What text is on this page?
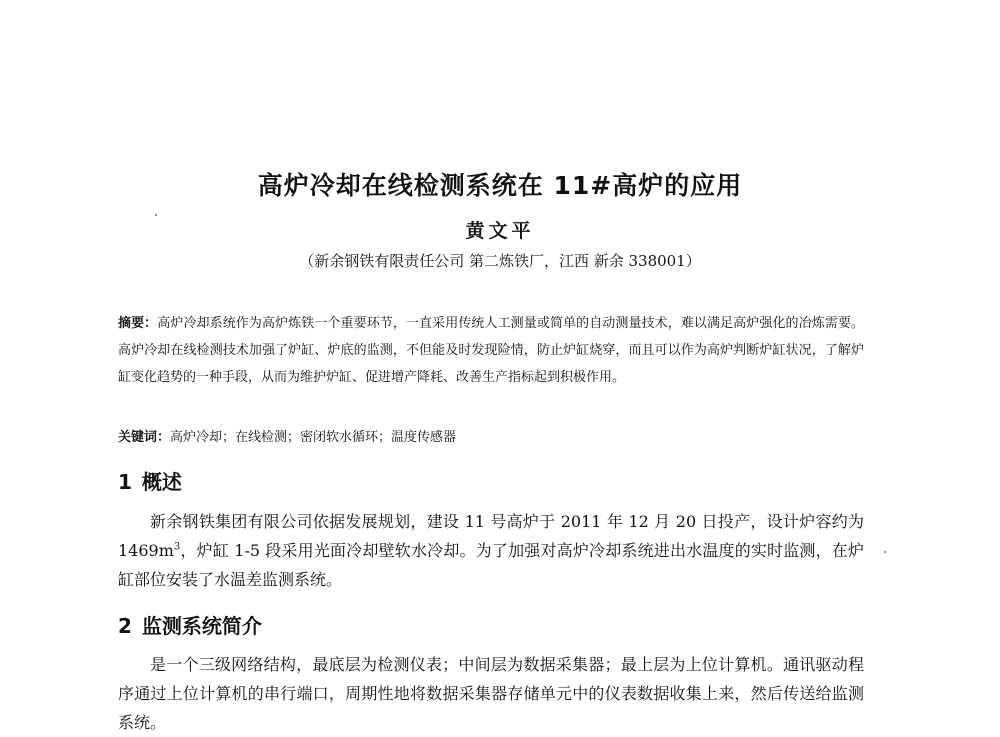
高炉冷却在线检测系统在 11#高炉的应用
黄文平
（新余钢铁有限责任公司 第二炼铁厂，江西 新余 338001）

摘要：高炉冷却系统作为高炉炼铁一个重要环节，一直采用传统人工测量或简单的自动测量技术，难以满足高炉强化的冶炼需要。高炉冷却在线检测技术加强了炉缸、炉底的监测，不但能及时发现险情，防止炉缸烧穿，而且可以作为高炉判断炉缸状况，了解炉缸变化趋势的一种手段，从而为维护炉缸、促进增产降耗、改善生产指标起到积极作用。

关键词：高炉冷却；在线检测；密闭软水循环；温度传感器

1 概述

新余钢铁集团有限公司依据发展规划，建设 11 号高炉于 2011 年 12 月 20 日投产，设计炉容约为 $1469m^3$，炉缸 1-5 段采用光面冷却壁软水冷却。为了加强对高炉冷却系统进出水温度的实时监测，在炉缸部位安装了水温差监测系统。

2 监测系统简介

是一个三级网络结构，最底层为检测仪表；中间层为数据采集器；最上层为上位计算机。通讯驱动程序通过上位计算机的串行端口，周期性地将数据采集器存储单元中的仪表数据收集上来，然后传送给监测系统。
